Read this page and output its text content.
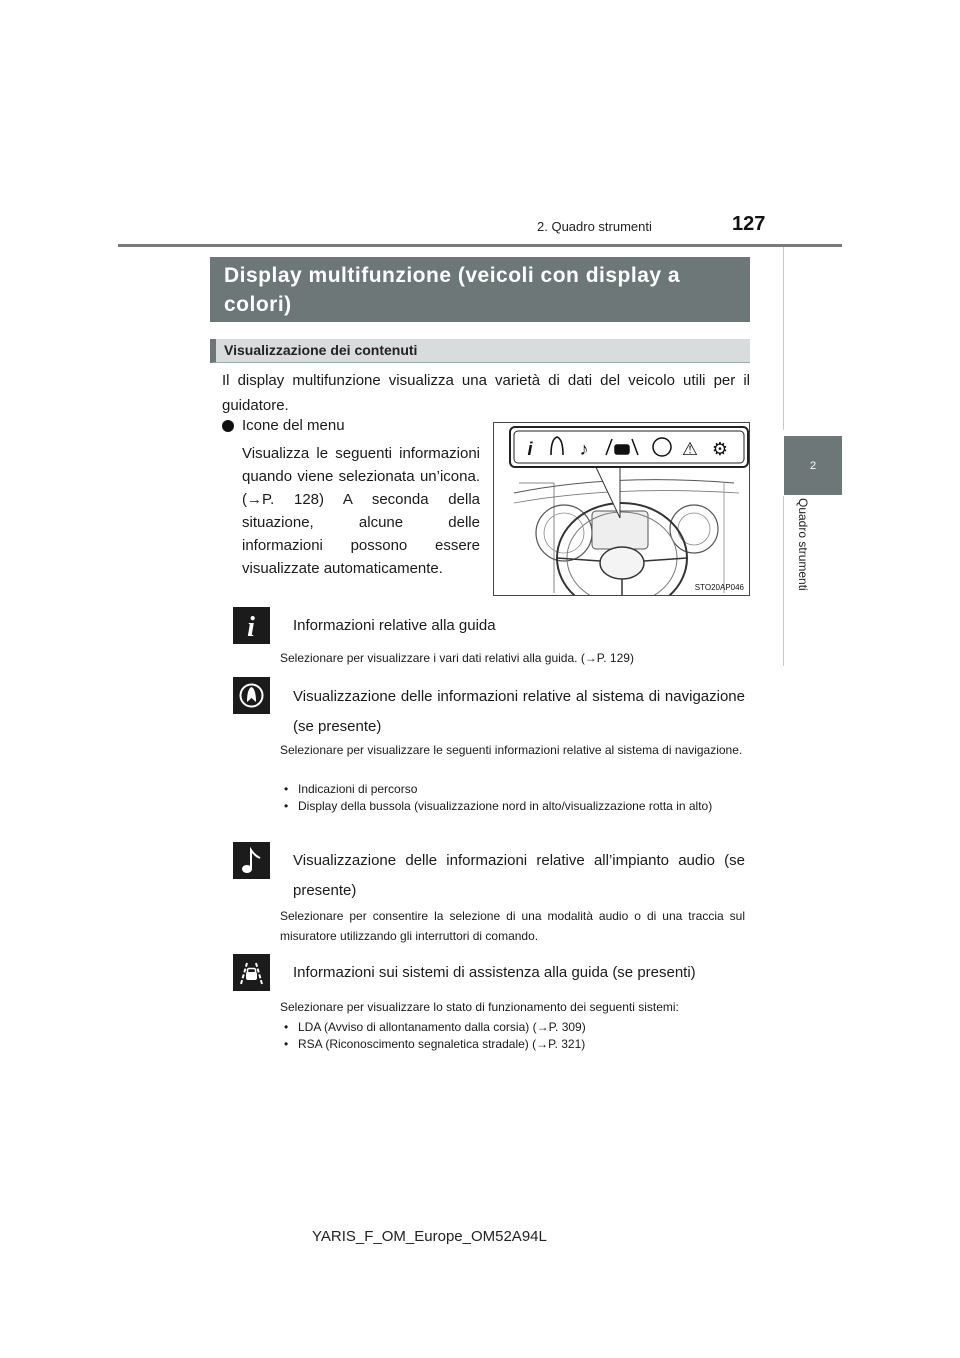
2. Quadro strumenti	127
2
Quadro strumenti
Display multifunzione (veicoli con display a colori)
Visualizzazione dei contenuti
Il display multifunzione visualizza una varietà di dati del veicolo utili per il guidatore.
Icone del menu
Visualizza le seguenti informazioni quando viene selezionata un’icona. (→P. 128) A seconda della situazione, alcune delle informazioni possono essere visualizzate automaticamente.
i	♪	⚠ ⚙
STO20AP046
i	Informazioni relative alla guida
Selezionare per visualizzare i vari dati relativi alla guida. (→P. 129)
Visualizzazione delle informazioni relative al sistema di navigazione (se presente)
Selezionare per visualizzare le seguenti informazioni relative al sistema di navigazione.
• Indicazioni di percorso
• Display della bussola (visualizzazione nord in alto/visualizzazione rotta in alto)
Visualizzazione delle informazioni relative all’impianto audio (se presente)
Selezionare per consentire la selezione di una modalità audio o di una traccia sul misuratore utilizzando gli interruttori di comando.
Informazioni sui sistemi di assistenza alla guida (se presenti)
Selezionare per visualizzare lo stato di funzionamento dei seguenti sistemi:
• LDA (Avviso di allontanamento dalla corsia) (→P. 309)
• RSA (Riconoscimento segnaletica stradale) (→P. 321)
YARIS_F_OM_Europe_OM52A94L
